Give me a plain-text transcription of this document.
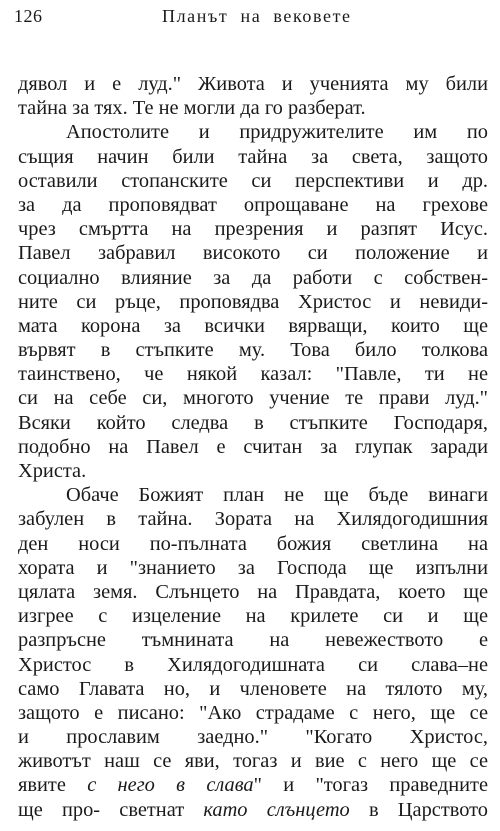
126	Планът на вековете
дявол и е луд." Живота и ученията му били
тайна за тях. Те не могли да го разберат.
Апостолите и придружителите им по
същия начин били тайна за света, защото
оставили стопанските си перспективи и др.
за да проповядват опрощаване на грехове
чрез смъртта на презрения и разпят Исус.
Павел забравил високото си положение и
социално влияние за да работи с собствен-
ните си ръце, проповядва Христос и невиди-
мата корона за всички вярващи, които ще
вървят в стъпките му. Това било толкова
таинствено, че някой казал: "Павле, ти не
си на себе си, многото учение те прави луд."
Всяки който следва в стъпките Господаря,
подобно на Павел е считан за глупак заради
Христа.
Обаче Божият план не ще бъде винаги
забулен в тайна. Зората на Хилядогодишния
ден носи по-пълната божия светлина на
хората и "знанието за Господа ще изпълни
цялата земя. Слънцето на Правдата, което ще
изгрее с изцеление на крилете си и ще
разпръсне тъмнината на невежеството е
Христос в Хилядогодишната си слава–не
само Главата но, и членовете на тялото му,
защото е писано: "Ако страдаме с него, ще се
и прославим заедно." "Когато Христос,
животът наш се яви, тогаз и вие с него ще се
явите с него в слава" и "тогаз праведните
ще про- светнат като слънцето в Царството
